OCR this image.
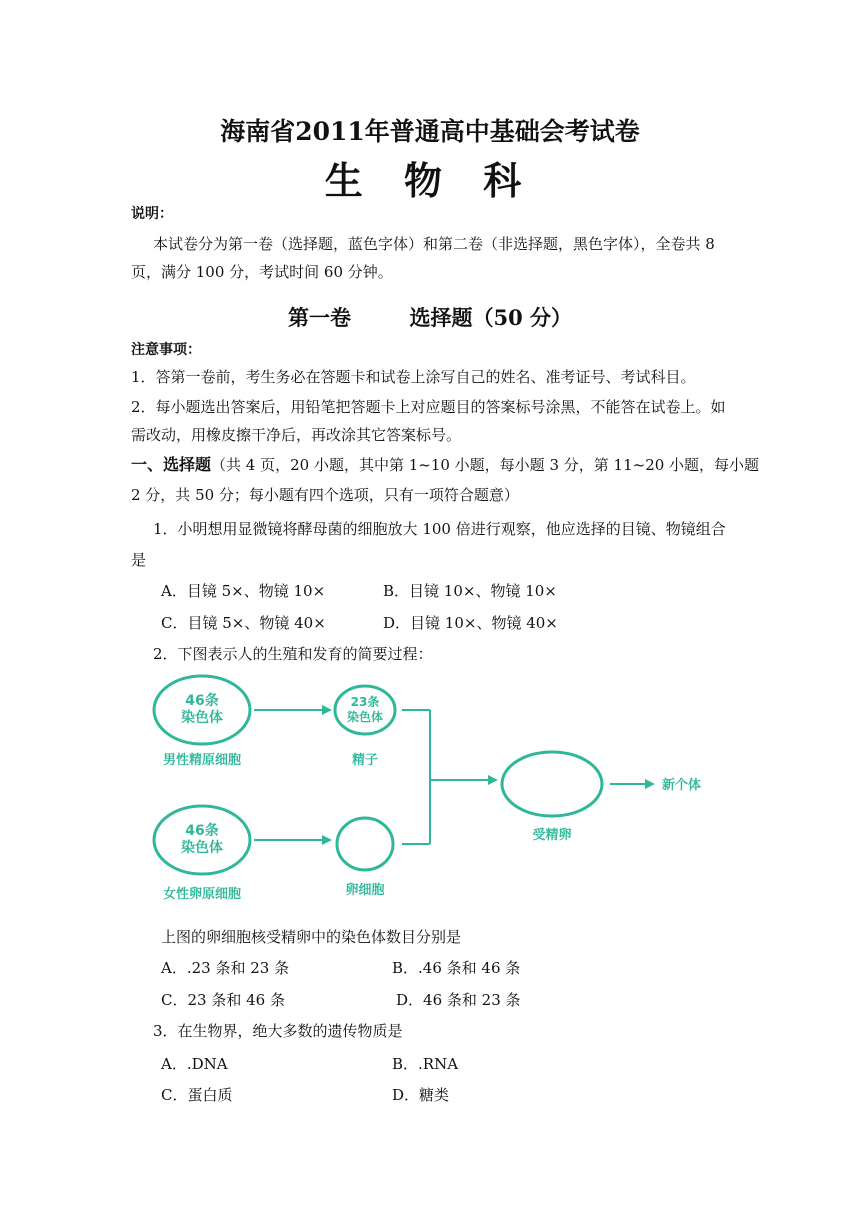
海南省2011年普通高中基础会考试卷
生 物 科
说明：
本试卷分为第一卷（选择题，蓝色字体）和第二卷（非选择题，黑色字体），全卷共 8
页，满分 100 分，考试时间 60 分钟。
第一卷        选择题（50 分）
注意事项：
1．答第一卷前，考生务必在答题卡和试卷上涂写自己的姓名、准考证号、考试科目。
2．每小题选出答案后，用铅笔把答题卡上对应题目的答案标号涂黑，不能答在试卷上。如
需改动，用橡皮擦干净后，再改涂其它答案标号。
一、选择题（共 4 页，20 小题，其中第 1~10 小题，每小题 3 分，第 11~20 小题，每小题
2 分，共 50 分；每小题有四个选项，只有一项符合题意）
1．小明想用显微镜将酵母菌的细胞放大 100 倍进行观察，他应选择的目镜、物镜组合
是
A．目镜 5×、物镜 10×	B．目镜 10×、物镜 10×
C．目镜 5×、物镜 40×	D．目镜 10×、物镜 40×
2．下图表示人的生殖和发育的简要过程：
46条
染色体
男性精原细胞
23条
染色体
精子
46条
染色体
女性卵原细胞	卵细胞
受精卵
新个体
上图的卵细胞核受精卵中的染色体数目分别是
A．.23 条和 23 条	B．.46 条和 46 条
C．23 条和 46 条	D．46 条和 23 条
3．在生物界，绝大多数的遗传物质是
A．.DNA	B．.RNA
C．蛋白质	D．糖类
